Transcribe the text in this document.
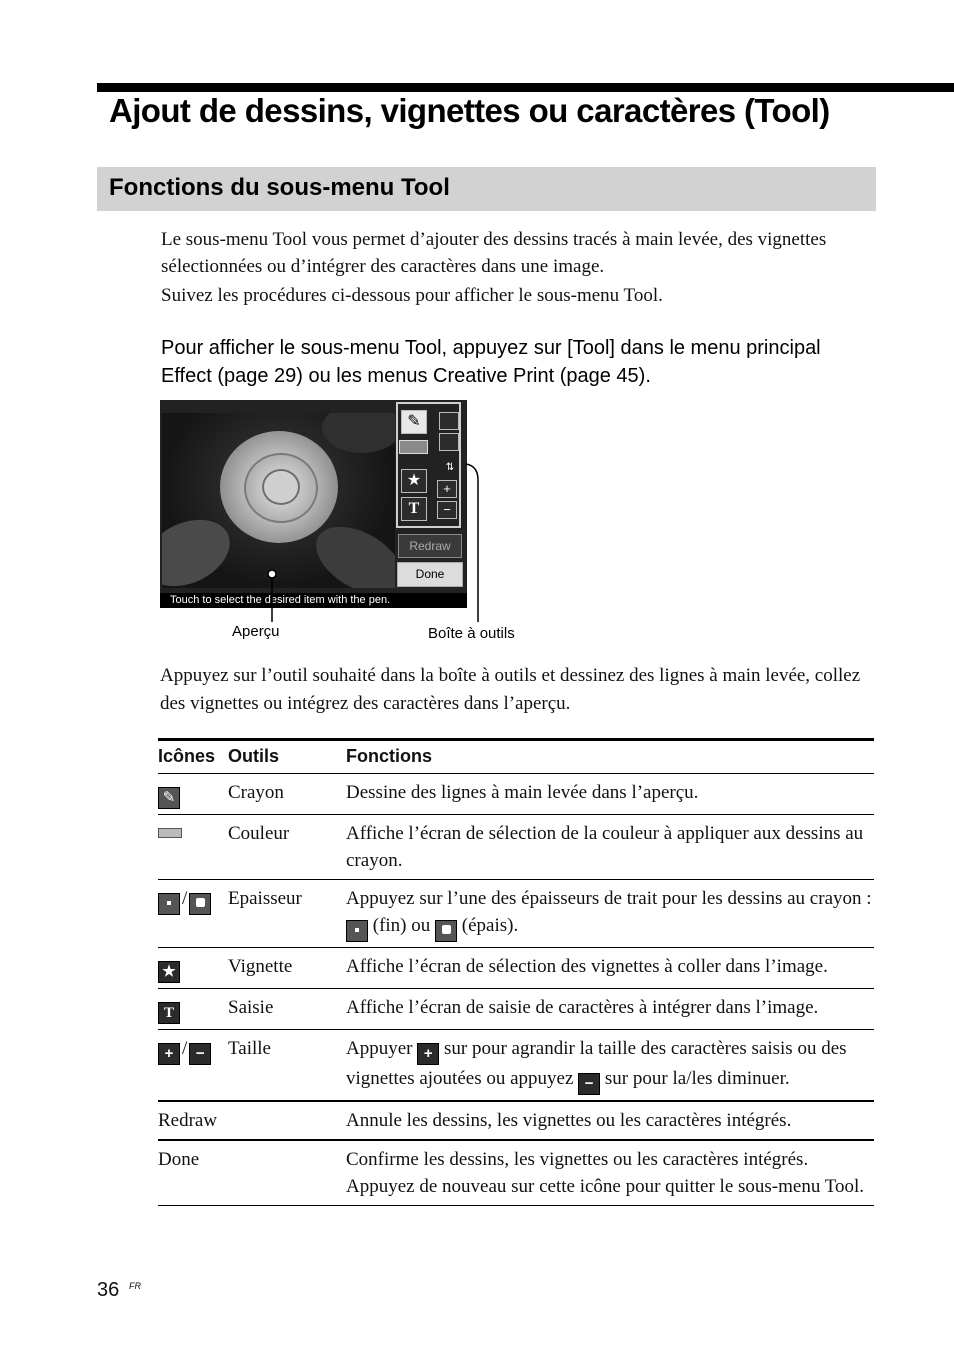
Ajout de dessins, vignettes ou caractères (Tool)
Fonctions du sous-menu Tool

Le sous-menu Tool vous permet d’ajouter des dessins tracés à main levée, des vignettes sélectionnées ou d’intégrer des caractères dans une image.

Suivez les procédures ci-dessous pour afficher le sous-menu Tool.

Pour afficher le sous-menu Tool, appuyez sur [Tool] dans le menu principal Effect (page 29) ou les menus Creative Print (page 45).

✎
⇅
★	+
T	−
Redraw
Done
Touch to select the desired item with the pen.
Aperçu	Boîte à outils

Appuyez sur l’outil souhaité dans la boîte à outils et dessinez des lignes à main levée, collez des vignettes ou intégrez des caractères dans l’aperçu.

Icônes	Outils	Fonctions
✎	Crayon	Dessine des lignes à main levée dans l’aperçu.
	Couleur	Affiche l’écran de sélection de la couleur à appliquer aux dessins au crayon.
/	Epaisseur	Appuyez sur l’une des épaisseurs de trait pour les dessins au crayon :  (fin) ou  (épais).
★	Vignette	Affiche l’écran de sélection des vignettes à coller dans l’image.
T	Saisie	Affiche l’écran de saisie de caractères à intégrer dans l’image.
+ / −	Taille	Appuyer + sur pour agrandir la taille des caractères saisis ou des vignettes ajoutées ou appuyez − sur pour la/les diminuer.
Redraw		Annule les dessins, les vignettes ou les caractères intégrés.
Done		Confirme les dessins, les vignettes ou les caractères intégrés. Appuyez de nouveau sur cette icône pour quitter le sous-menu Tool.
36 FR
